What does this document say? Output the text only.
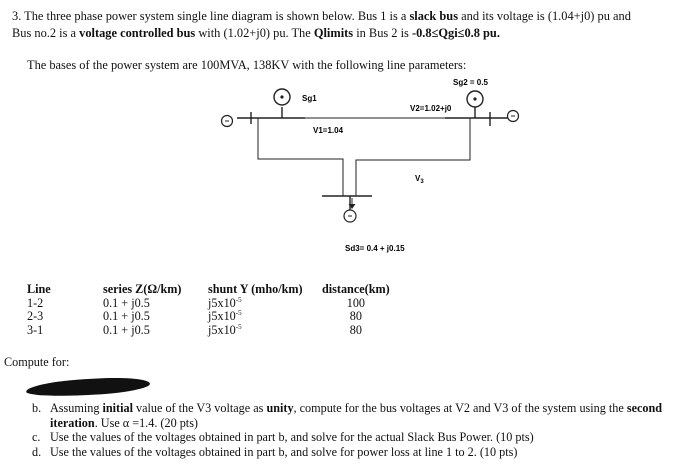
3. The three phase power system single line diagram is shown below. Bus 1 is a slack bus and its voltage is (1.04+j0) pu and
Bus no.2 is a voltage controlled bus with (1.02+j0) pu. The Qlimits in Bus 2 is -0.8≤Qgi≤0.8 pu.
The bases of the power system are 100MVA, 138KV with the following line parameters:
Sg1
V1=1.04
V2=1.02+j0
Sg2 = 0.5
$V_3$
Sd3= 0.4 + j0.15
Line
1-2
2-3
3-1
series Z(Ω/km)
0.1 + j0.5
0.1 + j0.5
0.1 + j0.5
shunt Y (mho/km)
$j5x10^{-5}$
$j5x10^{-5}$
$j5x10^{-5}$
distance(km)
100
80
80
Compute for:
b. Assuming initial value of the V3 voltage as unity, compute for the bus voltages at V2 and V3 of the system using the second iteration. Use α =1.4. (20 pts)
c. Use the values of the voltages obtained in part b, and solve for the actual Slack Bus Power. (10 pts)
d. Use the values of the voltages obtained in part b, and solve for power loss at line 1 to 2. (10 pts)
